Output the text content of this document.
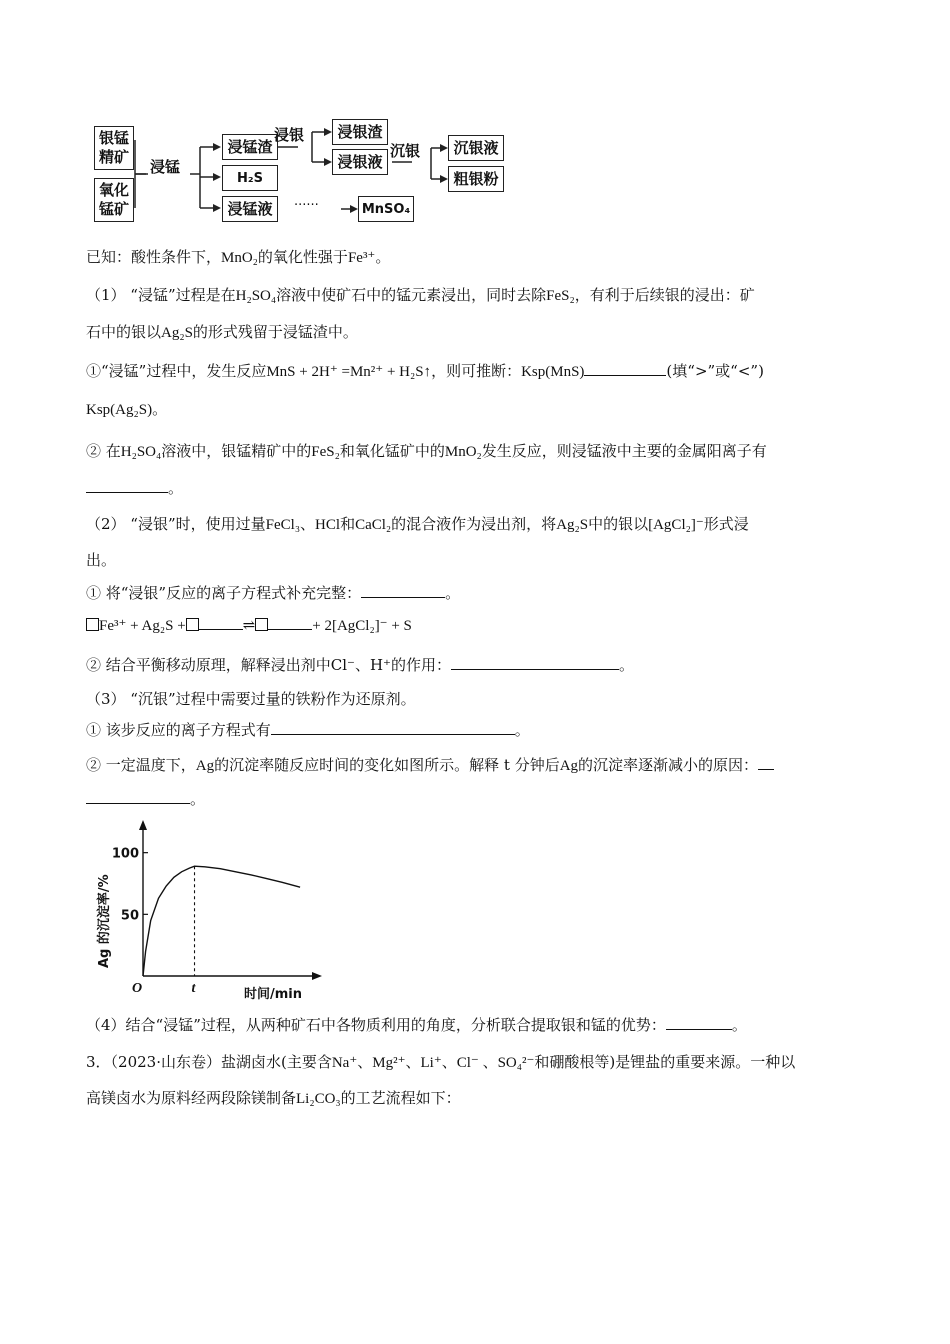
银锰精矿
氧化锰矿
浸锰
浸锰渣
H₂S
浸锰液
浸银	浸银渣
浸银液
沉银	沉银液
粗银粉
······	MnSO₄
已知：酸性条件下，MnO₂的氧化性强于Fe³⁺。
（1） “浸锰”过程是在H₂SO₄溶液中使矿石中的锰元素浸出，同时去除FeS₂，有利于后续银的浸出：矿
石中的银以Ag₂S的形式残留于浸锰渣中。
①“浸锰”过程中，发生反应MnS + 2H⁺ =Mn²⁺ + H₂S↑，则可推断：Ksp(MnS)	(填“>”或“<”)
Ksp(Ag₂S)。
② 在H₂SO₄溶液中，银锰精矿中的FeS₂和氧化锰矿中的MnO₂发生反应，则浸锰液中主要的金属阳离子有
。
（2） “浸银”时，使用过量FeCl₃、HCl和CaCl₂的混合液作为浸出剂，将Ag₂S中的银以[AgCl₂]⁻形式浸
出。
① 将“浸银”反应的离子方程式补充完整：	。
Fe³⁺ + Ag₂S +	⇌	+ 2[AgCl₂]⁻ + S
② 结合平衡移动原理，解释浸出剂中Cl⁻、H⁺的作用：	。
（3） “沉银”过程中需要过量的铁粉作为还原剂。
① 该步反应的离子方程式有	。
② 一定温度下，Ag的沉淀率随反应时间的变化如图所示。解释 t 分钟后Ag的沉淀率逐渐减小的原因：
。
100
50
t
O	时间/min
Ag 的沉淀率/%
（4）结合“浸锰”过程，从两种矿石中各物质利用的角度，分析联合提取银和锰的优势：	。
3．（2023·山东卷）盐湖卤水(主要含Na⁺、Mg²⁺、Li⁺、Cl⁻ 、SO₄²⁻和硼酸根等)是锂盐的重要来源。一种以
高镁卤水为原料经两段除镁制备Li₂CO₃的工艺流程如下：
